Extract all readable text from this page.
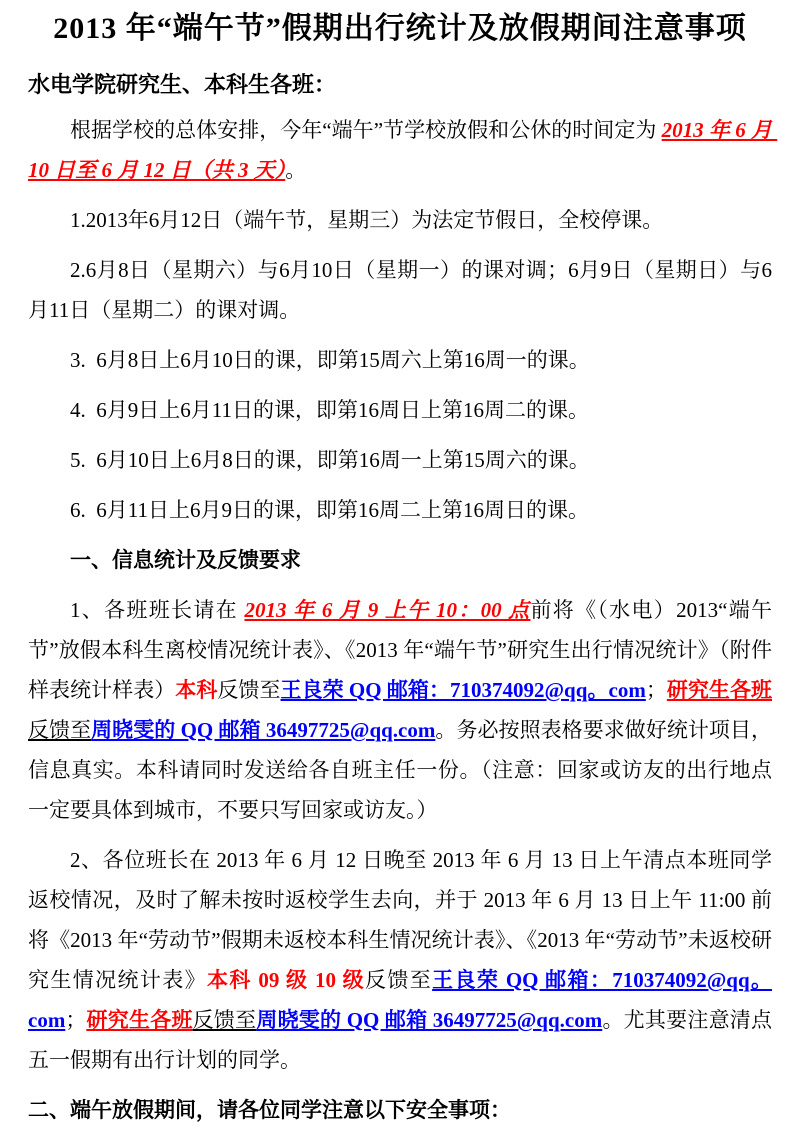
2013 年“端午节”假期出行统计及放假期间注意事项
水电学院研究生、本科生各班：

根据学校的总体安排，今年“端午”节学校放假和公休的时间定为 2013 年 6 月 10 日至 6 月 12 日（共 3 天）。

1.2013年6月12日（端午节，星期三）为法定节假日，全校停课。

2.6月8日（星期六）与6月10日（星期一）的课对调；6月9日（星期日）与6月11日（星期二）的课对调。

3.  6月8日上6月10日的课，即第15周六上第16周一的课。

4.  6月9日上6月11日的课，即第16周日上第16周二的课。

5.  6月10日上6月8日的课，即第16周一上第15周六的课。

6.  6月11日上6月9日的课，即第16周二上第16周日的课。

一、信息统计及反馈要求

1、各班班长请在 2013 年 6 月 9 上午 10：00 点前将《（水电）2013“端午节”放假本科生离校情况统计表》、《2013 年“端午节”研究生出行情况统计》（附件样表统计样表）本科反馈至王良荣 QQ 邮箱：710374092@qq。com；研究生各班反馈至周晓雯的 QQ 邮箱 36497725@qq.com。务必按照表格要求做好统计项目，信息真实。本科请同时发送给各自班主任一份。（注意：回家或访友的出行地点一定要具体到城市，不要只写回家或访友。）

2、各位班长在 2013 年 6 月 12 日晚至 2013 年 6 月 13 日上午清点本班同学返校情况，及时了解未按时返校学生去向，并于 2013 年 6 月 13 日上午 11:00 前将《2013 年“劳动节”假期未返校本科生情况统计表》、《2013 年“劳动节”未返校研究生情况统计表》本科 09 级 10 级反馈至王良荣 QQ 邮箱：710374092@qq。com；研究生各班反馈至周晓雯的 QQ 邮箱 36497725@qq.com。尤其要注意清点五一假期有出行计划的同学。

二、端午放假期间，请各位同学注意以下安全事项：
